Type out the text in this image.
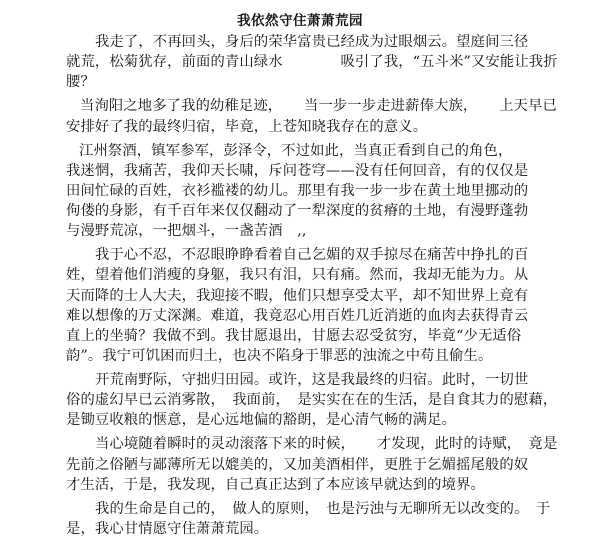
我依然守住萧萧荒园
我走了，不再回头，身后的荣华富贵已经成为过眼烟云。望庭间三径
就荒，松菊犹存，前面的青山绿水　　　　吸引了我，“五斗米”又安能让我折
腰？
当洵阳之地多了我的幼稚足迹，　　当一步一步走进薪俸大族，　　上天早已
安排好了我的最终归宿，毕竟，上苍知晓我存在的意义。
江州祭酒，镇军参军，彭泽令，不过如此，当真正看到自己的角色，
我迷惘，我痛苦，我仰天长啸，斥问苍穹——没有任何回音，有的仅仅是
田间忙碌的百姓，衣衫褴褛的幼儿。那里有我一步一步在黄土地里挪动的
佝偻的身影，有千百年来仅仅翻动了一犁深度的贫瘠的土地，有漫野蓬勃
与漫野荒凉，一把烟斗，一盏苦酒　,,
我于心不忍，不忍眼睁睁看着自己乞媚的双手掠尽在痛苦中挣扎的百
姓，望着他们消瘦的身躯，我只有泪，只有痛。然而，我却无能为力。从
天而降的士人大夫，我迎接不暇，他们只想享受太平，却不知世界上竟有
难以想像的万丈深渊。难道，我竟忍心用百姓几近消逝的血肉去获得青云
直上的坐骑？我做不到。我甘愿退出，甘愿去忍受贫穷，毕竟“少无适俗
韵”。我宁可饥困而归土，也决不陷身于罪恶的浊流之中苟且偷生。
开荒南野际，守拙归田园。或许，这是我最终的归宿。此时，一切世
俗的虚幻早已云消雾散，　我面前，　是实实在在的生活，是自食其力的慰藉，
是锄豆收粮的惬意，是心远地偏的豁朗，是心清气畅的满足。
当心境随着瞬时的灵动滚落下来的时候，　　才发现，此时的诗赋，　竟是
先前之俗陋与鄙薄所无以媲美的，又加美酒相伴，更胜于乞媚摇尾般的奴
才生活，于是，我发现，自己真正达到了本应该早就达到的境界。
我的生命是自己的，　做人的原则，　也是污浊与无聊所无以改变的。　于
是，我心甘情愿守住萧萧荒园。
